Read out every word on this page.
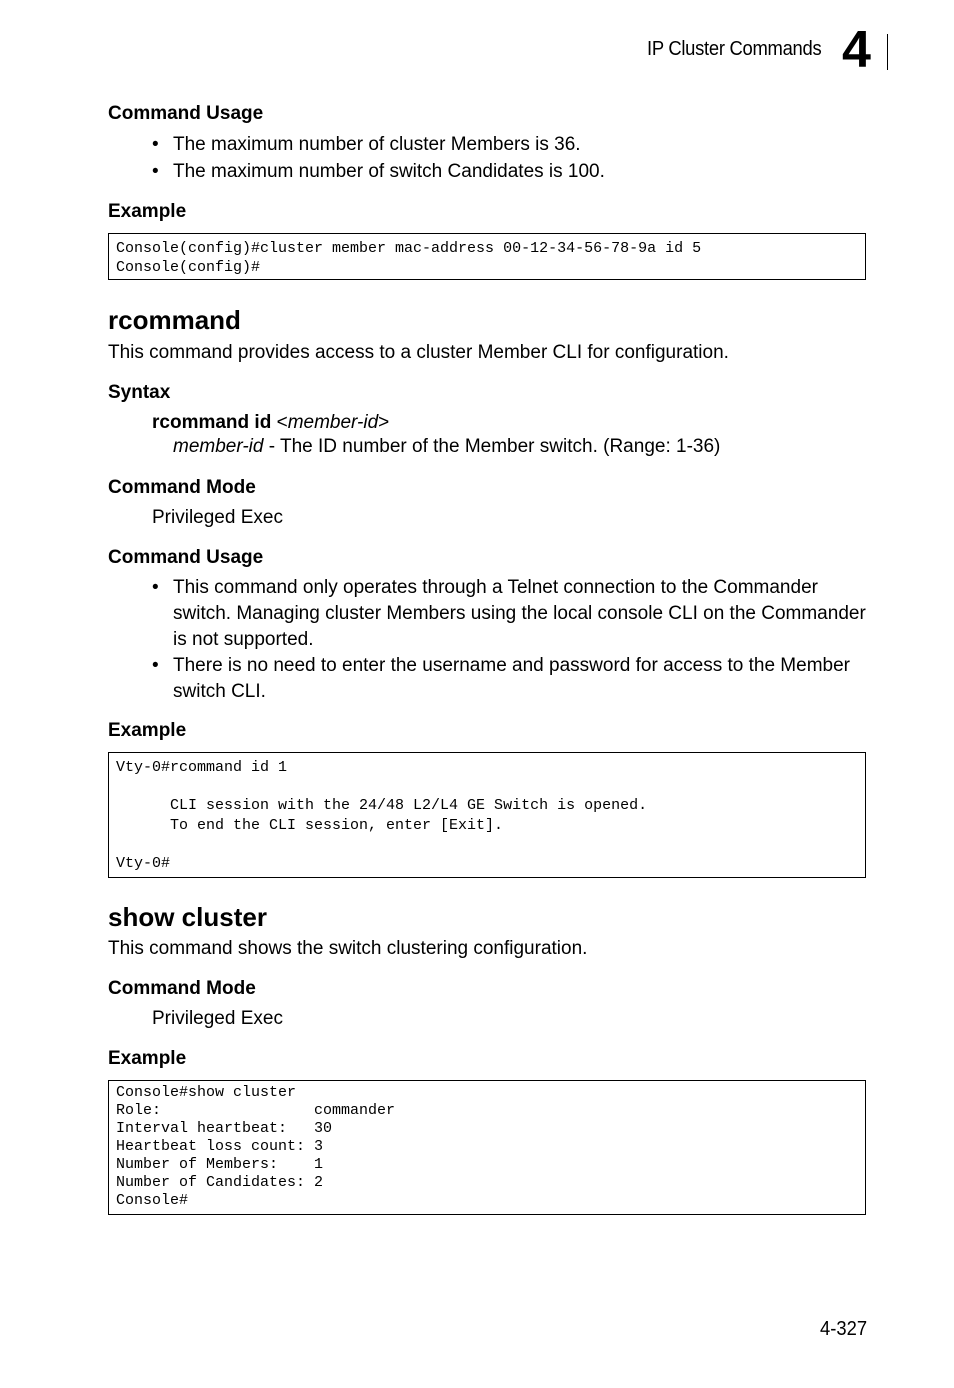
IP Cluster Commands 4
Command Usage
• The maximum number of cluster Members is 36.
• The maximum number of switch Candidates is 100.
Example
Console(config)#cluster member mac-address 00-12-34-56-78-9a id 5
Console(config)#
rcommand
This command provides access to a cluster Member CLI for configuration.
Syntax
rcommand id <member-id>
member-id - The ID number of the Member switch. (Range: 1-36)
Command Mode
Privileged Exec
Command Usage
• This command only operates through a Telnet connection to the Commander switch. Managing cluster Members using the local console CLI on the Commander is not supported.
• There is no need to enter the username and password for access to the Member switch CLI.
Example
Vty-0#rcommand id 1

CLI session with the 24/48 L2/L4 GE Switch is opened.
To end the CLI session, enter [Exit].

Vty-0#
show cluster
This command shows the switch clustering configuration.
Command Mode
Privileged Exec
Example
Console#show cluster
Role:                 commander
Interval heartbeat:   30
Heartbeat loss count: 3
Number of Members:    1
Number of Candidates: 2
Console#
4-327
